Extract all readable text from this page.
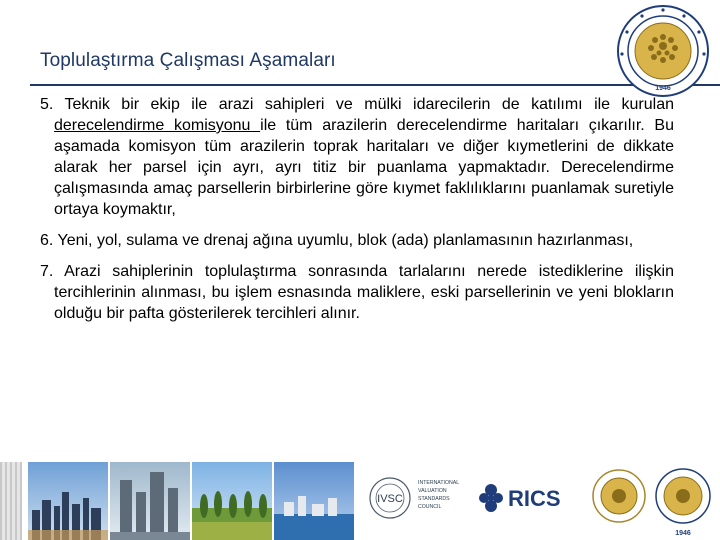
Toplulaştırma Çalışması Aşamaları
1946

5. Teknik bir ekip ile arazi sahipleri ve mülki idarecilerin de katılımı ile kurulan derecelendirme komisyonu ile tüm arazilerin derecelendirme haritaları çıkarılır. Bu aşamada komisyon tüm arazilerin toprak haritaları ve diğer kıymetlerini de dikkate alarak her parsel için ayrı, ayrı titiz bir puanlama yapmaktadır. Derecelendirme çalışmasında amaç parsellerin birbirlerine göre kıymet faklılıklarını puanlamak suretiyle ortaya koymaktır,

6. Yeni, yol, sulama ve drenaj ağına uyumlu, blok (ada) planlamasının hazırlanması,

7. Arazi sahiplerinin toplulaştırma sonrasında tarlalarını nerede istediklerine ilişkin tercihlerinin alınması, bu işlem esnasında maliklere, eski parsellerinin ve yeni blokların olduğu bir pafta gösterilerek tercihleri alınır.

IVSC
INTERNATIONAL
VALUATION
STANDARDS
COUNCIL	RICS
1946
